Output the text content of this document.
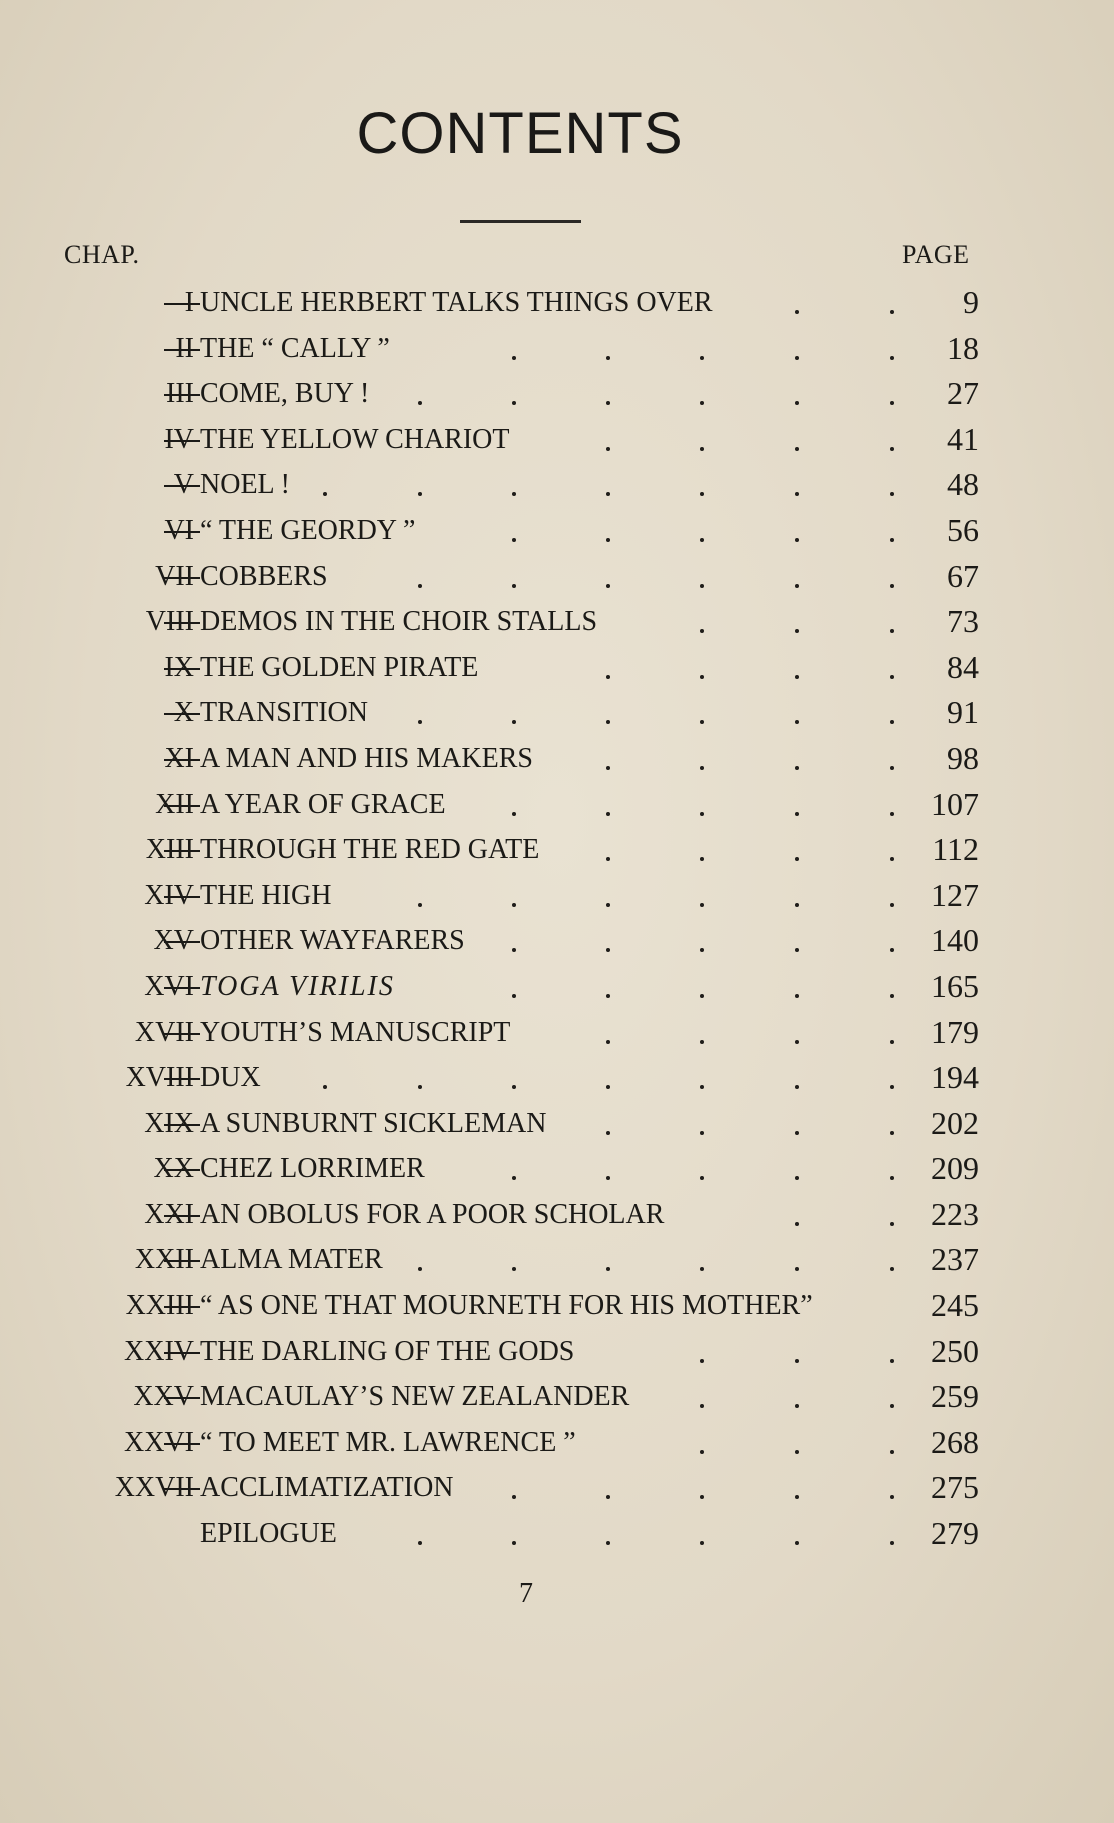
CONTENTS
CHAP.	PAGE
I UNCLE HERBERT TALKS THINGS OVER	9
II THE “ CALLY ”	18
III COME, BUY !	27
IV THE YELLOW CHARIOT	41
V NOEL !	48
VI “ THE GEORDY ”	56
VII COBBERS	67
VIII DEMOS IN THE CHOIR STALLS	73
IX THE GOLDEN PIRATE	84
X TRANSITION	91
XI A MAN AND HIS MAKERS	98
XII A YEAR OF GRACE	107
XIII THROUGH THE RED GATE	112
XIV THE HIGH	127
XV OTHER WAYFARERS	140
XVI TOGA VIRILIS	165
XVII YOUTH’S MANUSCRIPT	179
XVIII DUX	194
XIX A SUNBURNT SICKLEMAN	202
XX CHEZ LORRIMER	209
XXI AN OBOLUS FOR A POOR SCHOLAR	223
XXII ALMA MATER	237
XXIII “ AS ONE THAT MOURNETH FOR HIS MOTHER”	245
XXIV THE DARLING OF THE GODS	250
XXV MACAULAY’S NEW ZEALANDER	259
XXVI “ TO MEET MR. LAWRENCE ”	268
XXVII ACCLIMATIZATION	275
EPILOGUE	279
7
